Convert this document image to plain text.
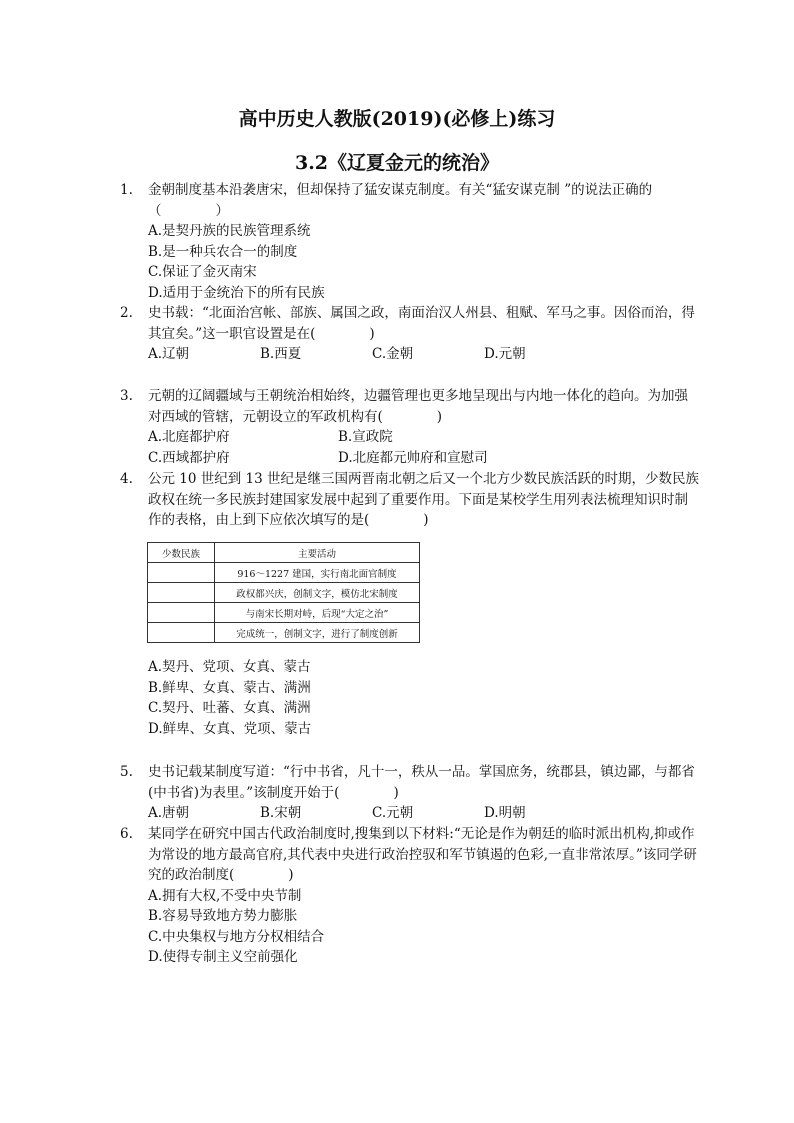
高中历史人教版(2019)(必修上)练习
3.2《辽夏金元的统治》
1. 金朝制度基本沿袭唐宋，但却保持了猛安谋克制度。有关“猛安谋克制 ”的说法正确的（　　　　）
A.是契丹族的民族管理系统
B.是一种兵农合一的制度
C.保证了金灭南宋
D.适用于金统治下的所有民族
2. 史书载：“北面治宫帐、部族、属国之政，南面治汉人州县、租赋、军马之事。因俗而治，得其宜矣。”这一职官设置是在(　　　　)
A.辽朝	B.西夏	C.金朝	D.元朝
3. 元朝的辽阔疆域与王朝统治相始终，边疆管理也更多地呈现出与内地一体化的趋向。为加强对西域的管辖，元朝设立的军政机构有(　　　　)
A.北庭都护府	B.宣政院
C.西域都护府	D.北庭都元帅府和宣慰司
4. 公元 10 世纪到 13 世纪是继三国两晋南北朝之后又一个北方少数民族活跃的时期，少数民族政权在统一多民族封建国家发展中起到了重要作用。下面是某校学生用列表法梳理知识时制作的表格，由上到下应依次填写的是(　　　　)
少数民族	主要活动
	916～1227 建国，实行南北面官制度
	政权都兴庆，创制文字，模仿北宋制度
	与南宋长期对峙，后现“大定之治”
	完成统一，创制文字，进行了制度创新
A.契丹、党项、女真、蒙古
B.鲜卑、女真、蒙古、满洲
C.契丹、吐蕃、女真、满洲
D.鲜卑、女真、党项、蒙古
5. 史书记载某制度写道：“行中书省，凡十一，秩从一品。掌国庶务，统郡县，镇边鄙，与都省(中书省)为表里。”该制度开始于(　　　　)
A.唐朝	B.宋朝	C.元朝	D.明朝
6. 某同学在研究中国古代政治制度时,搜集到以下材料:“无论是作为朝廷的临时派出机构,抑或作为常设的地方最高官府,其代表中央进行政治控驭和军节镇遏的色彩,一直非常浓厚。”该同学研究的政治制度(　　　　)
A.拥有大权,不受中央节制
B.容易导致地方势力膨胀
C.中央集权与地方分权相结合
D.使得专制主义空前强化
